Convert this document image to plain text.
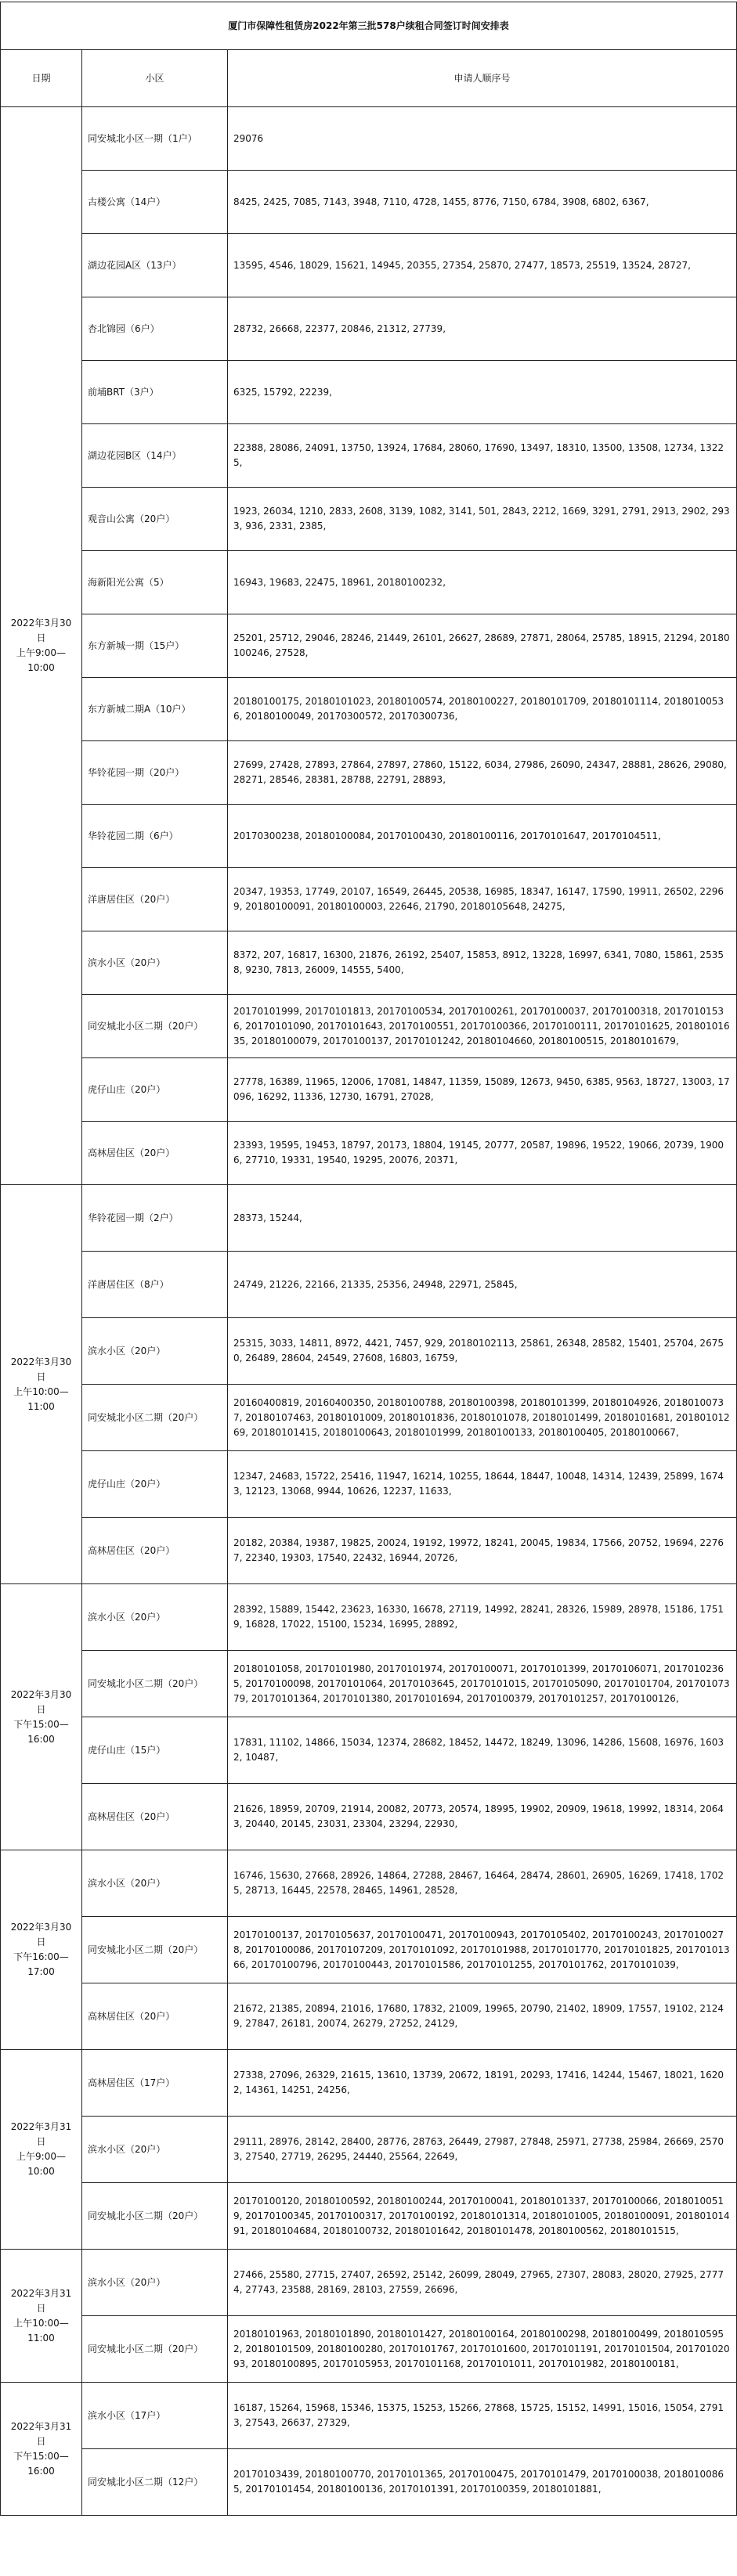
厦门市保障性租赁房2022年第三批578户续租合同签订时间安排表		
日期	小区	申请人顺序号

2022年3月30日
上午9:00—10:00	同安城北小区一期（1户）	29076
	古楼公寓（14户）	8425, 2425, 7085, 7143, 3948, 7110, 4728, 1455, 8776, 7150, 6784, 3908, 6802, 6367,
	湖边花园A区（13户）	13595, 4546, 18029, 15621, 14945, 20355, 27354, 25870, 27477, 18573, 25519, 13524, 28727,
	杏北锦园（6户）	28732, 26668, 22377, 20846, 21312, 27739,
	前埔BRT（3户）	6325, 15792, 22239,
	湖边花园B区（14户）	22388, 28086, 24091, 13750, 13924, 17684, 28060, 17690, 13497, 18310, 13500, 13508, 12734, 13225,
	观音山公寓（20户）	1923, 26034, 1210, 2833, 2608, 3139, 1082, 3141, 501, 2843, 2212, 1669, 3291, 2791, 2913, 2902, 2933, 936, 2331, 2385,
	海新阳光公寓（5）	16943, 19683, 22475, 18961, 20180100232,
	东方新城一期（15户）	25201, 25712, 29046, 28246, 21449, 26101, 26627, 28689, 27871, 28064, 25785, 18915, 21294, 20180100246, 27528,
	东方新城二期A（10户）	20180100175, 20180101023, 20180100574, 20180100227, 20180101709, 20180101114, 20180100536, 20180100049, 20170300572, 20170300736,
	华铃花园一期（20户）	27699, 27428, 27893, 27864, 27897, 27860, 15122, 6034, 27986, 26090, 24347, 28881, 28626, 29080, 28271, 28546, 28381, 28788, 22791, 28893,
	华铃花园二期（6户）	20170300238, 20180100084, 20170100430, 20180100116, 20170101647, 20170104511,
	洋唐居住区（20户）	20347, 19353, 17749, 20107, 16549, 26445, 20538, 16985, 18347, 16147, 17590, 19911, 26502, 22969, 20180100091, 20180100003, 22646, 21790, 20180105648, 24275,
	滨水小区（20户）	8372, 207, 16817, 16300, 21876, 26192, 25407, 15853, 8912, 13228, 16997, 6341, 7080, 15861, 25358, 9230, 7813, 26009, 14555, 5400,
	同安城北小区二期（20户）	20170101999, 20170101813, 20170100534, 20170100261, 20170100037, 20170100318, 20170101536, 20170101090, 20170101643, 20170100551, 20170100366, 20170100111, 20170101625, 20180101635, 20180100079, 20170100137, 20170101242, 20180104660, 20180100515, 20180101679,
	虎仔山庄（20户）	27778, 16389, 11965, 12006, 17081, 14847, 11359, 15089, 12673, 9450, 6385, 9563, 18727, 13003, 17096, 16292, 11336, 12730, 16791, 27028,
	高林居住区（20户）	23393, 19595, 19453, 18797, 20173, 18804, 19145, 20777, 20587, 19896, 19522, 19066, 20739, 19006, 27710, 19331, 19540, 19295, 20076, 20371,

2022年3月30日
上午10:00—11:00	华铃花园一期（2户）	28373, 15244,
	洋唐居住区（8户）	24749, 21226, 22166, 21335, 25356, 24948, 22971, 25845,
	滨水小区（20户）	25315, 3033, 14811, 8972, 4421, 7457, 929, 20180102113, 25861, 26348, 28582, 15401, 25704, 26750, 26489, 28604, 24549, 27608, 16803, 16759,
	同安城北小区二期（20户）	20160400819, 20160400350, 20180100788, 20180100398, 20180101399, 20180104926, 20180100737, 20180107463, 20180101009, 20180101836, 20180101078, 20180101499, 20180101681, 20180101269, 20180101415, 20180100643, 20180101999, 20180100133, 20180100405, 20180100667,
	虎仔山庄（20户）	12347, 24683, 15722, 25416, 11947, 16214, 10255, 18644, 18447, 10048, 14314, 12439, 25899, 16743, 12123, 13068, 9944, 10626, 12237, 11633,
	高林居住区（20户）	20182, 20384, 19387, 19825, 20024, 19192, 19972, 18241, 20045, 19834, 17566, 20752, 19694, 22767, 22340, 19303, 17540, 22432, 16944, 20726,

2022年3月30日
下午15:00—16:00	滨水小区（20户）	28392, 15889, 15442, 23623, 16330, 16678, 27119, 14992, 28241, 28326, 15989, 28978, 15186, 17519, 16828, 17022, 15100, 15234, 16995, 28892,
	同安城北小区二期（20户）	20180101058, 20170101980, 20170101974, 20170100071, 20170101399, 20170106071, 20170102365, 20170100098, 20170101064, 20170103645, 20170101015, 20170105090, 20170101704, 20170107379, 20170101364, 20170101380, 20170101694, 20170100379, 20170101257, 20170100126,
	虎仔山庄（15户）	17831, 11102, 14866, 15034, 12374, 28682, 18452, 14472, 18249, 13096, 14286, 15608, 16976, 16032, 10487,
	高林居住区（20户）	21626, 18959, 20709, 21914, 20082, 20773, 20574, 18995, 19902, 20909, 19618, 19992, 18314, 20643, 20440, 20145, 23031, 23304, 23294, 22930,

2022年3月30日
下午16:00—17:00	滨水小区（20户）	16746, 15630, 27668, 28926, 14864, 27288, 28467, 16464, 28474, 28601, 26905, 16269, 17418, 17025, 28713, 16445, 22578, 28465, 14961, 28528,
	同安城北小区二期（20户）	20170100137, 20170105637, 20170100471, 20170100943, 20170105402, 20170100243, 20170100278, 20170100086, 20170107209, 20170101092, 20170101988, 20170101770, 20170101825, 20170101366, 20170100796, 20170100443, 20170101586, 20170101255, 20170101762, 20170101039,
	高林居住区（20户）	21672, 21385, 20894, 21016, 17680, 17832, 21009, 19965, 20790, 21402, 18909, 17557, 19102, 21249, 27847, 26181, 20074, 26279, 27252, 24129,

2022年3月31日
上午9:00—10:00	高林居住区（17户）	27338, 27096, 26329, 21615, 13610, 13739, 20672, 18191, 20293, 17416, 14244, 15467, 18021, 16202, 14361, 14251, 24256,
	滨水小区（20户）	29111, 28976, 28142, 28400, 28776, 28763, 26449, 27987, 27848, 25971, 27738, 25984, 26669, 25703, 27540, 27719, 26295, 24440, 25564, 22649,
	同安城北小区二期（20户）	20170100120, 20180100592, 20180100244, 20170100041, 20180101337, 20170100066, 20180100519, 20170100345, 20170100317, 20170100192, 20180101314, 20180101005, 20180100091, 20180101491, 20180104684, 20180100732, 20180101642, 20180101478, 20180100562, 20180101515,

2022年3月31日
上午10:00—11:00	滨水小区（20户）	27466, 25580, 27715, 27407, 26592, 25142, 26099, 28049, 27965, 27307, 28083, 28020, 27925, 27774, 27743, 23588, 28169, 28103, 27559, 26696,
	同安城北小区二期（20户）	20180101963, 20180101890, 20180101427, 20180100164, 20180100298, 20180100499, 20180105952, 20180101509, 20180100280, 20170101767, 20170101600, 20170101191, 20170101504, 20170102093, 20180100895, 20170105953, 20170101168, 20170101011, 20170101982, 20180100181,

2022年3月31日
下午15:00—16:00	滨水小区（17户）	16187, 15264, 15968, 15346, 15375, 15253, 15266, 27868, 15725, 15152, 14991, 15016, 15054, 27913, 27543, 26637, 27329,
	同安城北小区二期（12户）	20170103439, 20180100770, 20170101365, 20170100475, 20170101479, 20170100038, 20180100865, 20170101454, 20180100136, 20170101391, 20170100359, 20180101881,
